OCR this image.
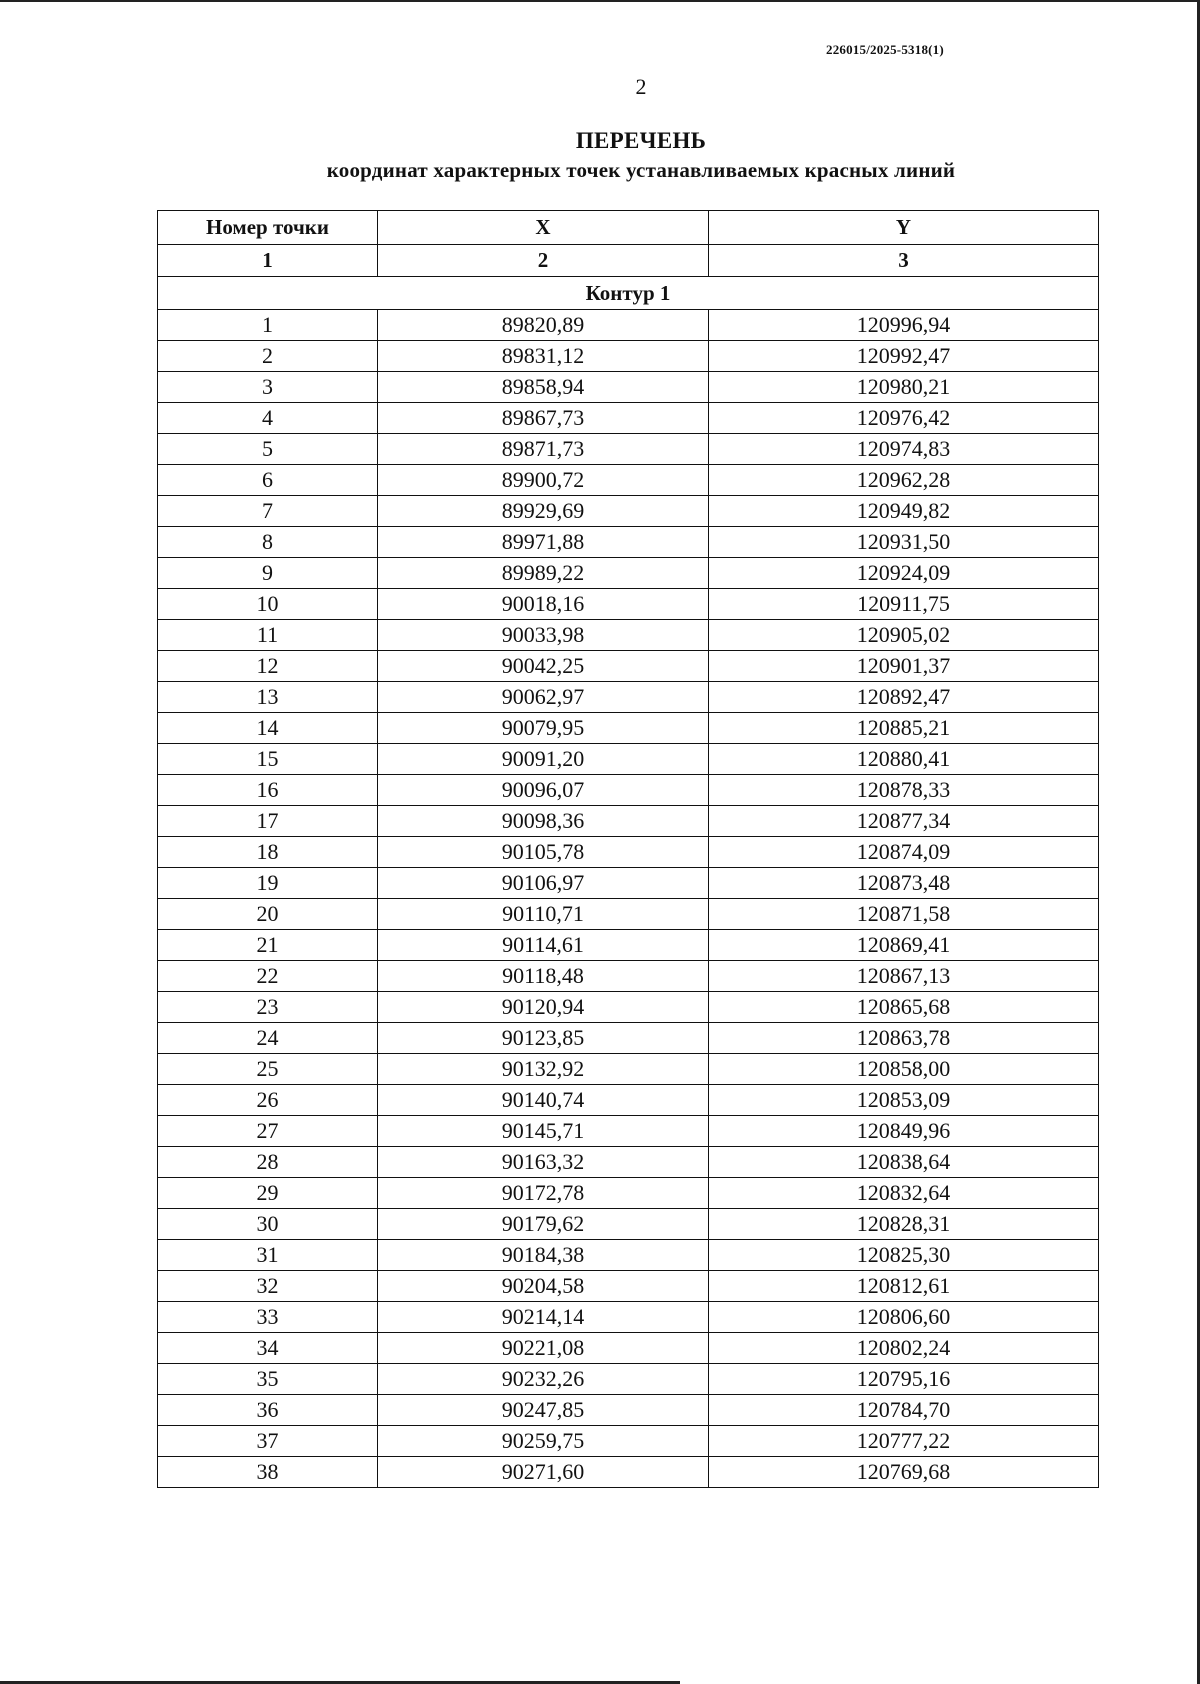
226015/2025-5318(1)
2
ПЕРЕЧЕНЬ
координат характерных точек устанавливаемых красных линий
Номер точки	X	Y
1	2	3
Контур 1		
1	89820,89	120996,94
2	89831,12	120992,47
3	89858,94	120980,21
4	89867,73	120976,42
5	89871,73	120974,83
6	89900,72	120962,28
7	89929,69	120949,82
8	89971,88	120931,50
9	89989,22	120924,09
10	90018,16	120911,75
11	90033,98	120905,02
12	90042,25	120901,37
13	90062,97	120892,47
14	90079,95	120885,21
15	90091,20	120880,41
16	90096,07	120878,33
17	90098,36	120877,34
18	90105,78	120874,09
19	90106,97	120873,48
20	90110,71	120871,58
21	90114,61	120869,41
22	90118,48	120867,13
23	90120,94	120865,68
24	90123,85	120863,78
25	90132,92	120858,00
26	90140,74	120853,09
27	90145,71	120849,96
28	90163,32	120838,64
29	90172,78	120832,64
30	90179,62	120828,31
31	90184,38	120825,30
32	90204,58	120812,61
33	90214,14	120806,60
34	90221,08	120802,24
35	90232,26	120795,16
36	90247,85	120784,70
37	90259,75	120777,22
38	90271,60	120769,68
